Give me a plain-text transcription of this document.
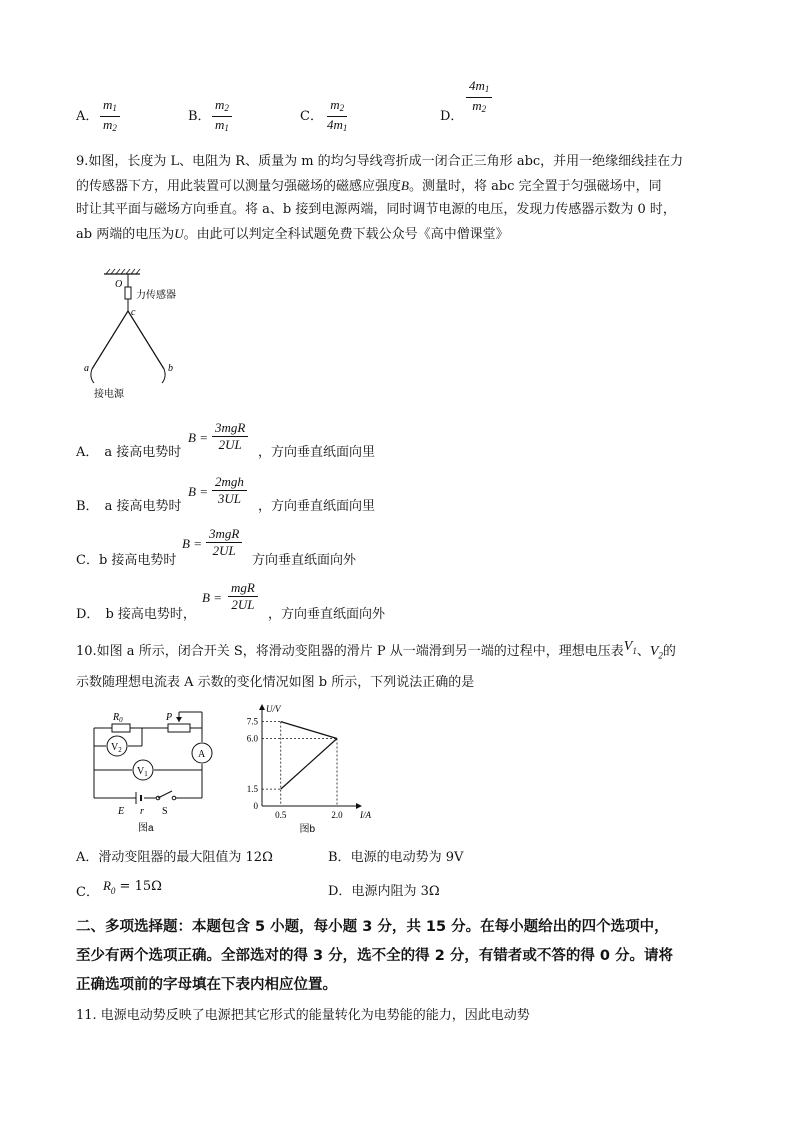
A． $\frac{m_1}{m_2}$	B． $\frac{m_2}{m_1}$	C． $\frac{m_2}{4m_1}$	D． $\frac{4m_1}{m_2}$
9.如图，长度为 L、电阻为 R、质量为 m 的均匀导线弯折成一闭合正三角形 abc，并用一绝缘细线挂在力
的传感器下方，用此装置可以测量匀强磁场的磁感应强度B。测量时，将 abc 完全置于匀强磁场中，同
时让其平面与磁场方向垂直。将 a、b 接到电源两端，同时调节电源的电压，发现力传感器示数为 0 时，
ab 两端的电压为U。由此可以判定全科试题免费下载公众号《高中僧课堂》
O
力传感器
c
a	b
接电源
A． a 接高电势时
B =
3mgR
2UL
，方向垂直纸面向里
B． a 接高电势时
B =
2mgh
3UL
，方向垂直纸面向里
C．b 接高电势时
B =
3mgR
2UL
方向垂直纸面向外
D． b 接高电势时，
B =
mgR
2UL
，方向垂直纸面向外
10.如图 a 所示，闭合开关 S，将滑动变阻器的滑片 P 从一端滑到另一端的过程中，理想电压表$V_1$、$V_2$的
示数随理想电流表 A 示数的变化情况如图 b 所示，下列说法正确的是
$R_0$	P
$V_2$	A
$V_1$
E r S
图a
7.5
6.0
1.5
0
0.5	2.0
U/V
I/A
图b
A．滑动变阻器的最大阻值为 12Ω	B．电源的电动势为 9V
C． $R_0 = 15\Omega$	D．电源内阻为 3Ω
二、多项选择题：本题包含 5 小题，每小题 3 分，共 15 分。在每小题给出的四个选项中，
至少有两个选项正确。全部选对的得 3 分，选不全的得 2 分，有错者或不答的得 0 分。请将
正确选项前的字母填在下表内相应位置。
11. 电源电动势反映了电源把其它形式的能量转化为电势能的能力，因此电动势
